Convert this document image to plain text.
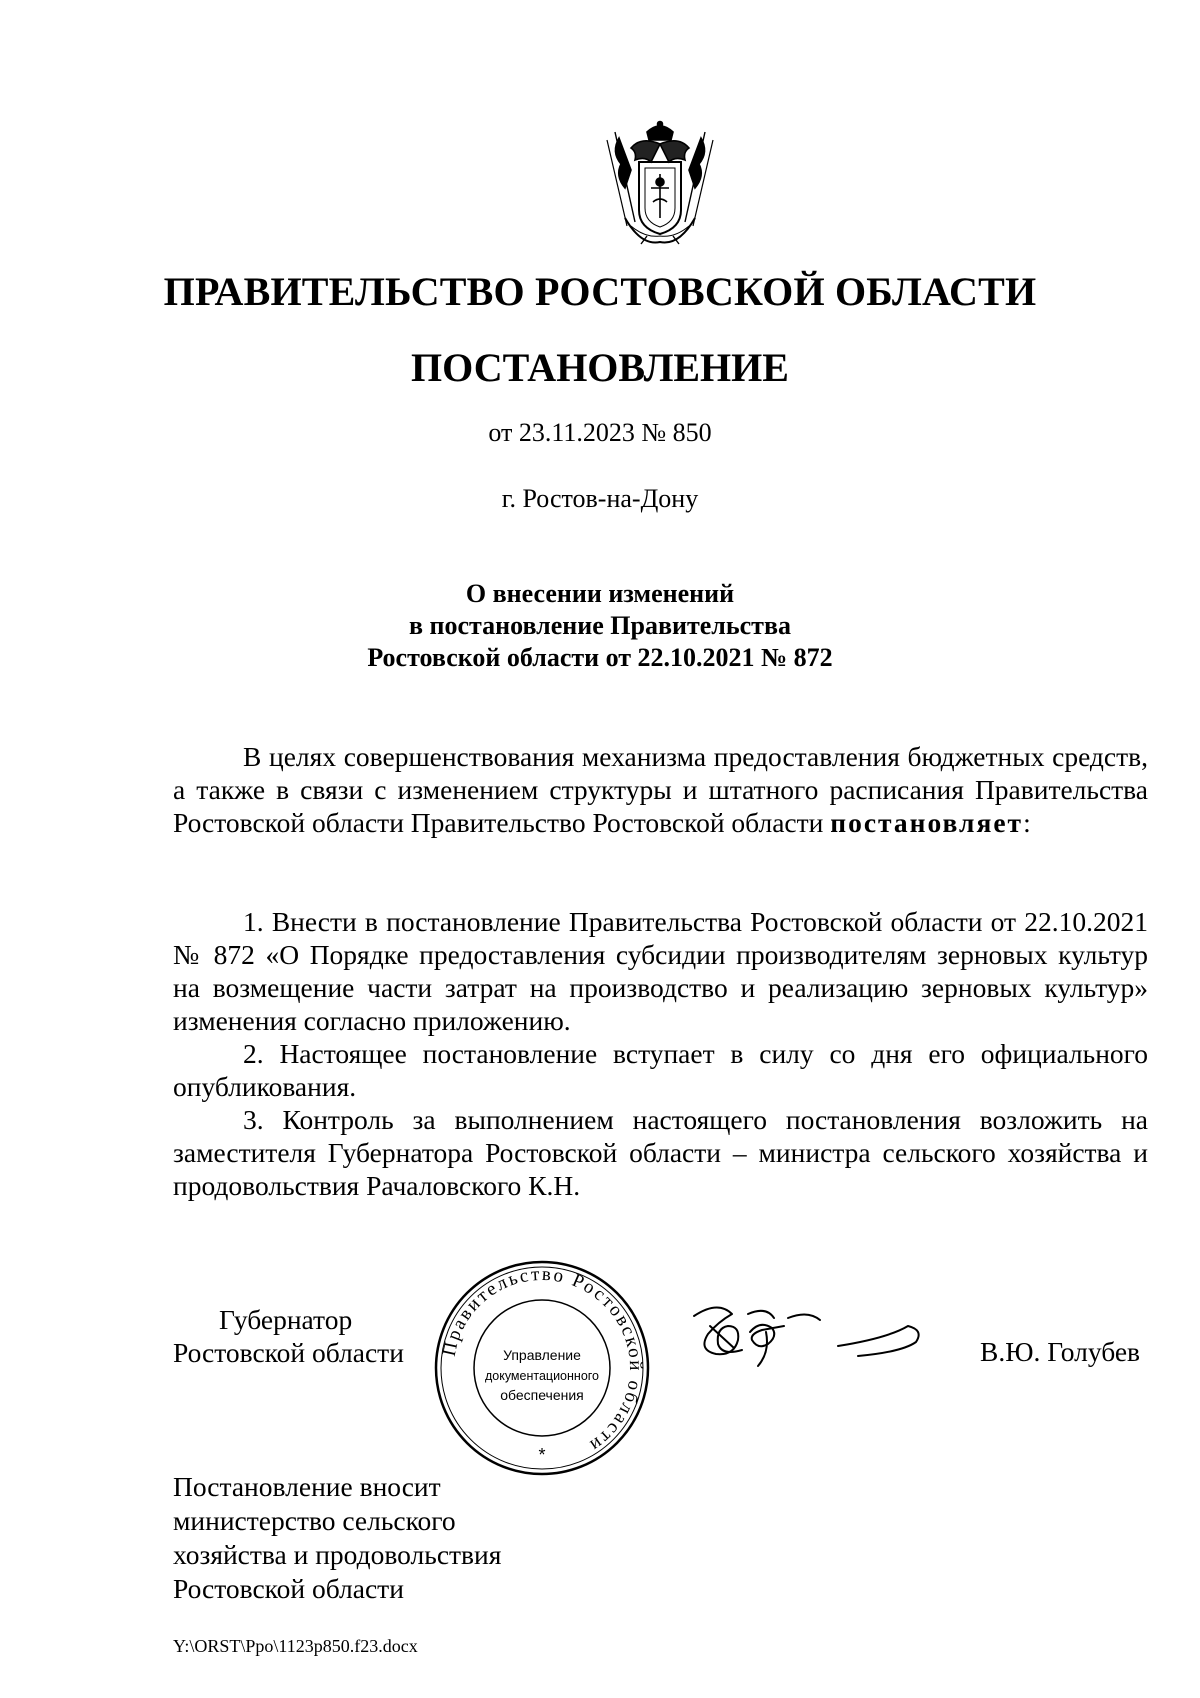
ПРАВИТЕЛЬСТВО РОСТОВСКОЙ ОБЛАСТИ
ПОСТАНОВЛЕНИЕ
от 23.11.2023 № 850
г. Ростов-на-Дону
О внесении изменений
в постановление Правительства
Ростовской области от 22.10.2021 № 872
В целях совершенствования механизма предоставления бюджетных средств, а также в связи с изменением структуры и штатного расписания Правительства Ростовской области Правительство Ростовской области постановляет:

1. Внести в постановление Правительства Ростовской области от 22.10.2021 № 872 «О Порядке предоставления субсидии производителям зерновых культур на возмещение части затрат на производство и реализацию зерновых культур» изменения согласно приложению.

2. Настоящее постановление вступает в силу со дня его официального опубликования.

3. Контроль за выполнением настоящего постановления возложить на заместителя Губернатора Ростовской области – министра сельского хозяйства и продовольствия Рачаловского К.Н.

Губернатор
Ростовской области Правительство Ростовской области
Управление
документационного
обеспечения
*
В.Ю. Голубев
Постановление вносит
министерство сельского
хозяйства и продовольствия
Ростовской области
Y:\ORST\Ppo\1123p850.f23.docx
